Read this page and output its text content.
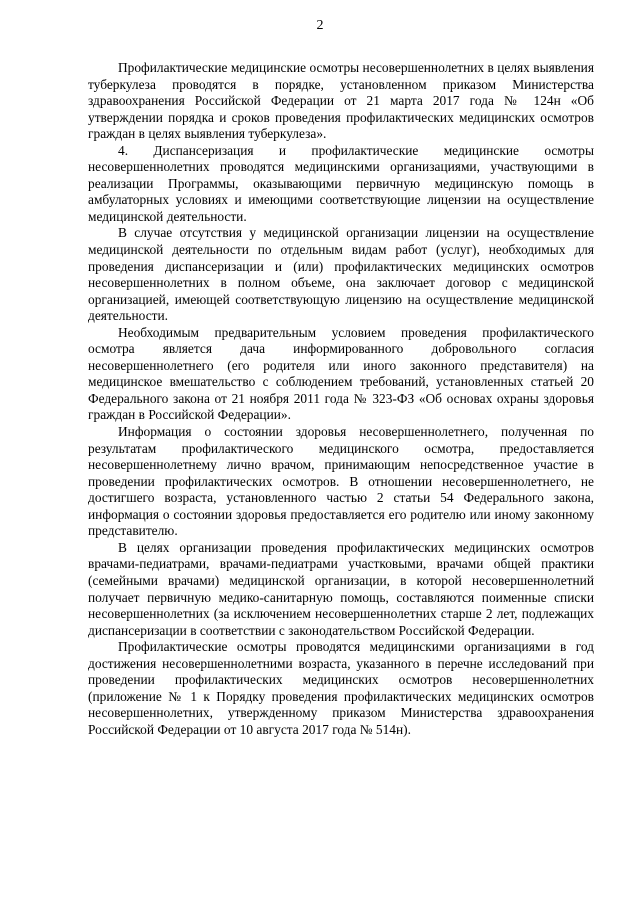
2

Профилактические медицинские осмотры несовершеннолетних в целях выявления туберкулеза проводятся в порядке, установленном приказом Министерства здравоохранения Российской Федерации от 21 марта 2017 года № 124н «Об утверждении порядка и сроков проведения профилактических медицинских осмотров граждан в целях выявления туберкулеза».

4. Диспансеризация и профилактические медицинские осмотры несовершеннолетних проводятся медицинскими организациями, участвующими в реализации Программы, оказывающими первичную медицинскую помощь в амбулаторных условиях и имеющими соответствующие лицензии на осуществление медицинской деятельности.

В случае отсутствия у медицинской организации лицензии на осуществление медицинской деятельности по отдельным видам работ (услуг), необходимых для проведения диспансеризации и (или) профилактических медицинских осмотров несовершеннолетних в полном объеме, она заключает договор с медицинской организацией, имеющей соответствующую лицензию на осуществление медицинской деятельности.

Необходимым предварительным условием проведения профилактического осмотра является дача информированного добровольного согласия несовершеннолетнего (его родителя или иного законного представителя) на медицинское вмешательство с соблюдением требований, установленных статьей 20 Федерального закона от 21 ноября 2011 года № 323-ФЗ «Об основах охраны здоровья граждан в Российской Федерации».

Информация о состоянии здоровья несовершеннолетнего, полученная по результатам профилактического медицинского осмотра, предоставляется несовершеннолетнему лично врачом, принимающим непосредственное участие в проведении профилактических осмотров. В отношении несовершеннолетнего, не достигшего возраста, установленного частью 2 статьи 54 Федерального закона, информация о состоянии здоровья предоставляется его родителю или иному законному представителю.

В целях организации проведения профилактических медицинских осмотров врачами-педиатрами, врачами-педиатрами участковыми, врачами общей практики (семейными врачами) медицинской организации, в которой несовершеннолетний получает первичную медико-санитарную помощь, составляются поименные списки несовершеннолетних (за исключением несовершеннолетних старше 2 лет, подлежащих диспансеризации в соответствии с законодательством Российской Федерации.

Профилактические осмотры проводятся медицинскими организациями в год достижения несовершеннолетними возраста, указанного в перечне исследований при проведении профилактических медицинских осмотров несовершеннолетних (приложение № 1 к Порядку проведения профилактических медицинских осмотров несовершеннолетних, утвержденному приказом Министерства здравоохранения Российской Федерации от 10 августа 2017 года № 514н).
